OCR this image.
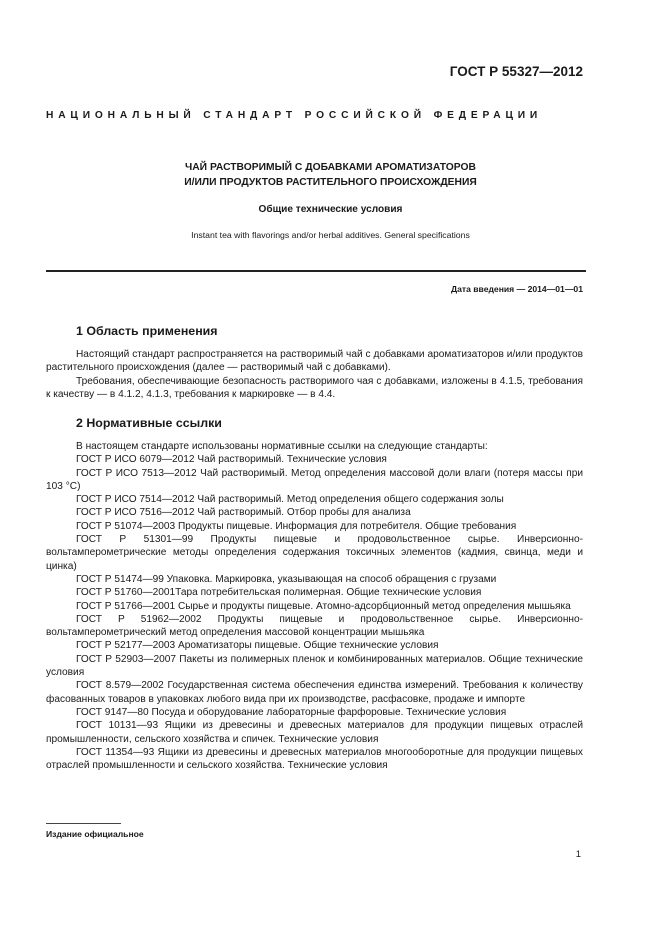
ГОСТ Р 55327—2012
НАЦИОНАЛЬНЫЙ СТАНДАРТ РОССИЙСКОЙ ФЕДЕРАЦИИ
ЧАЙ РАСТВОРИМЫЙ С ДОБАВКАМИ АРОМАТИЗАТОРОВ
И/ИЛИ ПРОДУКТОВ РАСТИТЕЛЬНОГО ПРОИСХОЖДЕНИЯ
Общие технические условия
Instant tea with flavorings and/or herbal additives. General specifications
Дата введения — 2014—01—01
1 Область применения

Настоящий стандарт распространяется на растворимый чай с добавками ароматизаторов и/или продуктов растительного происхождения (далее — растворимый чай с добавками).

Требования, обеспечивающие безопасность растворимого чая с добавками, изложены в 4.1.5, требования к качеству — в 4.1.2, 4.1.3, требования к маркировке — в 4.4.

2 Нормативные ссылки

В настоящем стандарте использованы нормативные ссылки на следующие стандарты:

ГОСТ Р ИСО 6079—2012 Чай растворимый. Технические условия

ГОСТ Р ИСО 7513—2012 Чай растворимый. Метод определения массовой доли влаги (потеря массы при 103 °С)

ГОСТ Р ИСО 7514—2012 Чай растворимый. Метод определения общего содержания золы

ГОСТ Р ИСО 7516—2012 Чай растворимый. Отбор пробы для анализа

ГОСТ Р 51074—2003 Продукты пищевые. Информация для потребителя. Общие требования

ГОСТ Р 51301—99 Продукты пищевые и продовольственное сырье. Инверсионно-вольтамперометрические методы определения содержания токсичных элементов (кадмия, свинца, меди и цинка)

ГОСТ Р 51474—99 Упаковка. Маркировка, указывающая на способ обращения с грузами

ГОСТ Р 51760—2001Тара потребительская полимерная. Общие технические условия

ГОСТ Р 51766—2001 Сырье и продукты пищевые. Атомно-адсорбционный метод определения мышьяка

ГОСТ Р 51962—2002 Продукты пищевые и продовольственное сырье. Инверсионно-вольтамперометрический метод определения массовой концентрации мышьяка

ГОСТ Р 52177—2003 Ароматизаторы пищевые. Общие технические условия

ГОСТ Р 52903—2007 Пакеты из полимерных пленок и комбинированных материалов. Общие технические условия

ГОСТ 8.579—2002 Государственная система обеспечения единства измерений. Требования к количеству фасованных товаров в упаковках любого вида при их производстве, расфасовке, продаже и импорте

ГОСТ 9147—80 Посуда и оборудование лабораторные фарфоровые. Технические условия

ГОСТ 10131—93 Ящики из древесины и древесных материалов для продукции пищевых отраслей промышленности, сельского хозяйства и спичек. Технические условия

ГОСТ 11354—93 Ящики из древесины и древесных материалов многооборотные для продукции пищевых отраслей промышленности и сельского хозяйства. Технические условия

Издание официальное
1
